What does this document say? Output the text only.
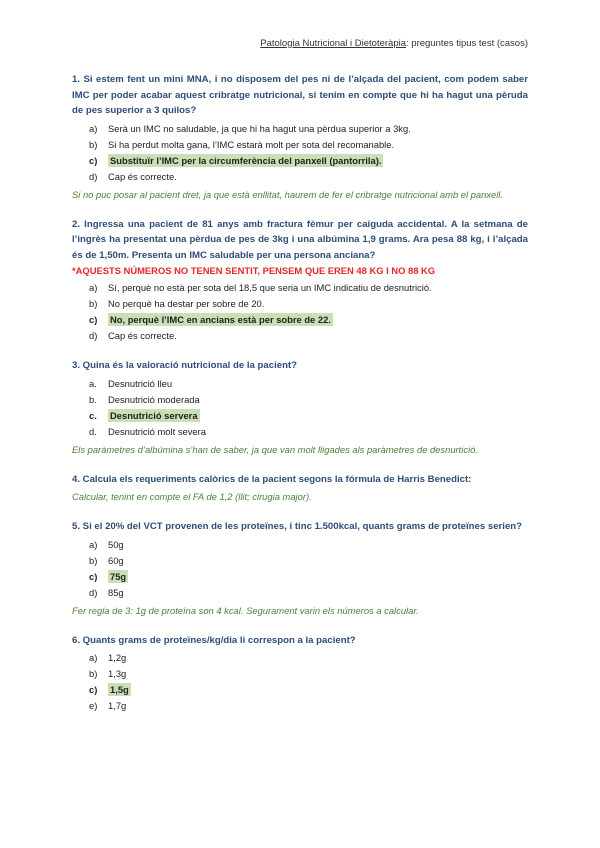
Patologia Nutricional i Dietoteràpia: preguntes tipus test (casos)

1. Si estem fent un mini MNA, i no disposem del pes ni de l’alçada del pacient, com podem saber IMC per poder acabar aquest cribratge nutricional, si tenim en compte que hi ha hagut una pèruda de pes superior a 3 quilos?

a) Serà un IMC no saludable, ja que hi ha hagut una pèrdua superior a 3kg.
b) Si ha perdut molta gana, l’IMC estarà molt per sota del recomanable.
c) Substituïr l’IMC per la circumferència del panxell (pantorrila).
d) Cap és correcte.

Si no puc posar al pacient dret, ja que està enllitat, haurem de fer el cribratge nutricional amb el panxell.

2. Ingressa una pacient de 81 anys amb fractura fèmur per caiguda accidental. A la setmana de l’ingrès ha presentat una pèrdua de pes de 3kg i una albúmina 1,9 grams. Ara pesa 88 kg, i l’alçada és de 1,50m. Presenta un IMC saludable per una persona anciana?

*AQUESTS NÚMEROS NO TENEN SENTIT, PENSEM QUE EREN 48 KG I NO 88 KG

a) Sí, perquè no està per sota del 18,5 que seria un IMC indicatiu de desnutrició.
b) No perquè ha destar per sobre de 20.
c) No, perquè l’IMC en ancians està per sobre de 22.
d) Cap és correcte.

3. Quina és la valoració nutricional de la pacient?

a. Desnutrició lleu
b. Desnutrició moderada
c. Desnutrició servera
d. Desnutrició molt severa

Els paràmetres d’albúmina s’han de saber, ja que van molt lligades als paràmetres de desnurtició.

4. Calcula els requeriments calòrics de la pacient segons la fórmula de Harris Benedict:

Calcular, tenint en compte el FA de 1,2 (llit; cirugia major).

5. Si el 20% del VCT provenen de les proteïnes, i tinc 1.500kcal, quants grams de proteïnes serien?

a) 50g
b) 60g
c) 75g
d) 85g

Fer regla de 3: 1g de proteïna son 4 kcal. Segurament varin els números a calcular.

6. Quants grams de proteïnes/kg/dia li correspon a la pacient?

a) 1,2g
b) 1,3g
c) 1,5g
e) 1,7g
